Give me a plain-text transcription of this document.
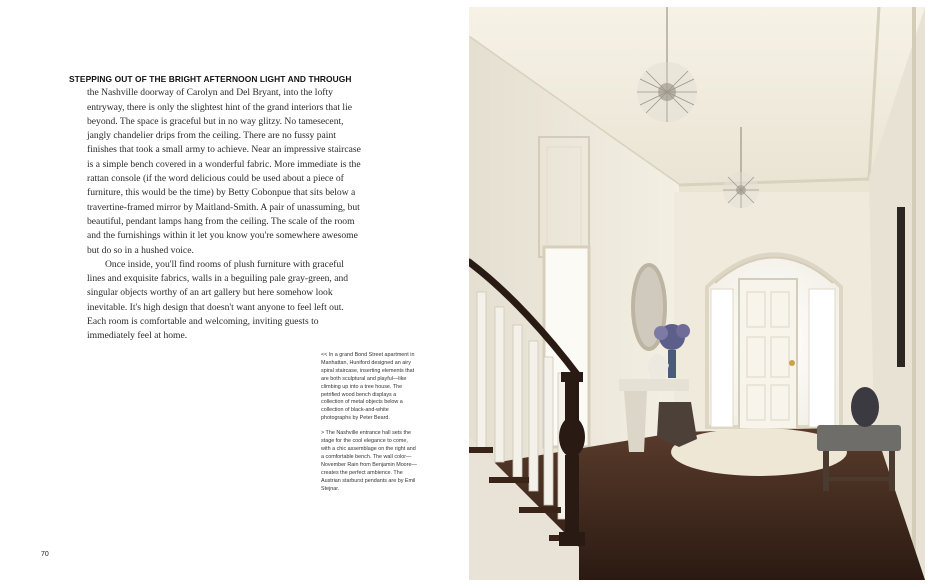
STEPPING OUT OF THE BRIGHT AFTERNOON LIGHT AND THROUGH
the Nashville doorway of Carolyn and Del Bryant, into the lofty entryway, there is only the slightest hint of the grand interiors that lie beyond. The space is graceful but in no way glitzy. No tamesecent, jangly chandelier drips from the ceiling. There are no fussy paint finishes that took a small army to achieve. Near an impressive staircase is a simple bench covered in a wonderful fabric. More immediate is the rattan console (if the word delicious could be used about a piece of furniture, this would be the time) by Betty Cobonpue that sits below a travertine-framed mirror by Maitland-Smith. A pair of unassuming, but beautiful, pendant lamps hang from the ceiling. The scale of the room and the furnishings within it let you know you're somewhere awesome but do so in a hushed voice.

Once inside, you'll find rooms of plush furniture with graceful lines and exquisite fabrics, walls in a beguiling pale gray-green, and singular objects worthy of an art gallery but here somehow look inevitable. It's high design that doesn't want anyone to feel left out. Each room is comfortable and welcoming, inviting guests to immediately feel at home.

<< In a grand Bond Street apartment in Manhattan, Huniford designed an airy spiral staircase, inserting elements that are both sculptural and playful—like climbing up into a tree house. The petrified wood bench displays a collection of metal objects below a collection of black-and-white photographs by Peter Beard.

> The Nashville entrance hall sets the stage for the cool elegance to come, with a chic assemblage on the right and a comfortable bench. The wall color—November Rain from Benjamin Moore—creates the perfect ambience. The Austrian starburst pendants are by Emil Stejnar.

70
